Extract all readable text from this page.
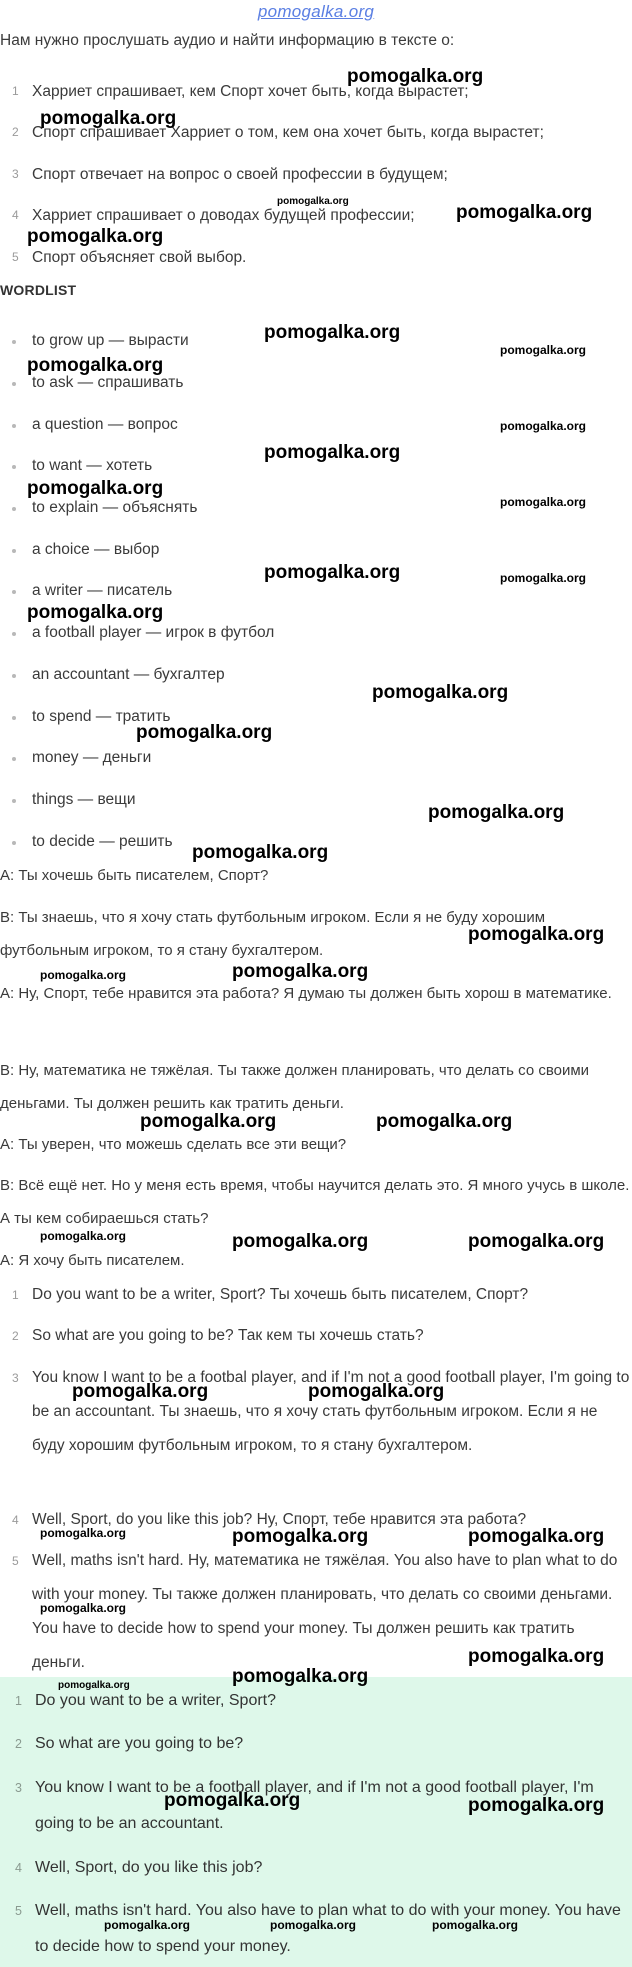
pomogalka.org
Нам нужно прослушать аудио и найти информацию в тексте о:
1 Харриет спрашивает, кем Спорт хочет быть, когда вырастет;
2 Спорт спрашивает Харриет о том, кем она хочет быть, когда вырастет;
3 Спорт отвечает на вопрос о своей профессии в будущем;
4 Харриет спрашивает о доводах будущей профессии;
5 Спорт объясняет свой выбор.
WORDLIST
to grow up — вырасти
to ask — спрашивать
a question — вопрос
to want — хотеть
to explain — объяснять
a choice — выбор
a writer — писатель
a football player — игрок в футбол
an accountant — бухгалтер
to spend — тратить
money — деньги
things — вещи
to decide — решить
A: Ты хочешь быть писателем, Спорт?
B: Ты знаешь, что я хочу стать футбольным игроком. Если я не буду хорошим футбольным игроком, то я стану бухгалтером.
A: Ну, Спорт, тебе нравится эта работа? Я думаю ты должен быть хорош в математике.
B: Ну, математика не тяжёлая. Ты также должен планировать, что делать со своими деньгами. Ты должен решить как тратить деньги.
A: Ты уверен, что можешь сделать все эти вещи?
B: Всё ещё нет. Но у меня есть время, чтобы научится делать это. Я много учусь в школе. А ты кем собираешься стать?
A: Я хочу быть писателем.
1 Do you want to be a writer, Sport? Ты хочешь быть писателем, Спорт?
2 So what are you going to be? Так кем ты хочешь стать?
3 You know I want to be a footbal player, and if I'm not a good football player, I'm going to be an accountant. Ты знаешь, что я хочу стать футбольным игроком. Если я не буду хорошим футбольным игроком, то я стану бухгалтером.
4 Well, Sport, do you like this job? Ну, Спорт, тебе нравится эта работа?
5 Well, maths isn't hard. Ну, математика не тяжёлая. You also have to plan what to do with your money. Ты также должен планировать, что делать со своими деньгами. You have to decide how to spend your money. Ты должен решить как тратить деньги.
1 Do you want to be a writer, Sport?
2 So what are you going to be?
3 You know I want to be a football player, and if I'm not a good football player, I'm going to be an accountant.
4 Well, Sport, do you like this job?
5 Well, maths isn't hard. You also have to plan what to do with your money. You have to decide how to spend your money.
pomogalka.org
pomogalka.org
pomogalka.org
pomogalka.org
pomogalka.org
pomogalka.org
pomogalka.org
pomogalka.org
pomogalka.org
pomogalka.org
pomogalka.org
pomogalka.org
pomogalka.org	pomogalka.org
pomogalka.org
pomogalka.org
pomogalka.org
pomogalka.org
pomogalka.org
pomogalka.org
pomogalka.org	pomogalka.org
pomogalka.org	pomogalka.org
pomogalka.org	pomogalka.org	pomogalka.org
pomogalka.org	pomogalka.org
pomogalka.org	pomogalka.org	pomogalka.org
pomogalka.org
pomogalka.org
pomogalka.org	pomogalka.org
pomogalka.org	pomogalka.org
pomogalka.org	pomogalka.org	pomogalka.org
